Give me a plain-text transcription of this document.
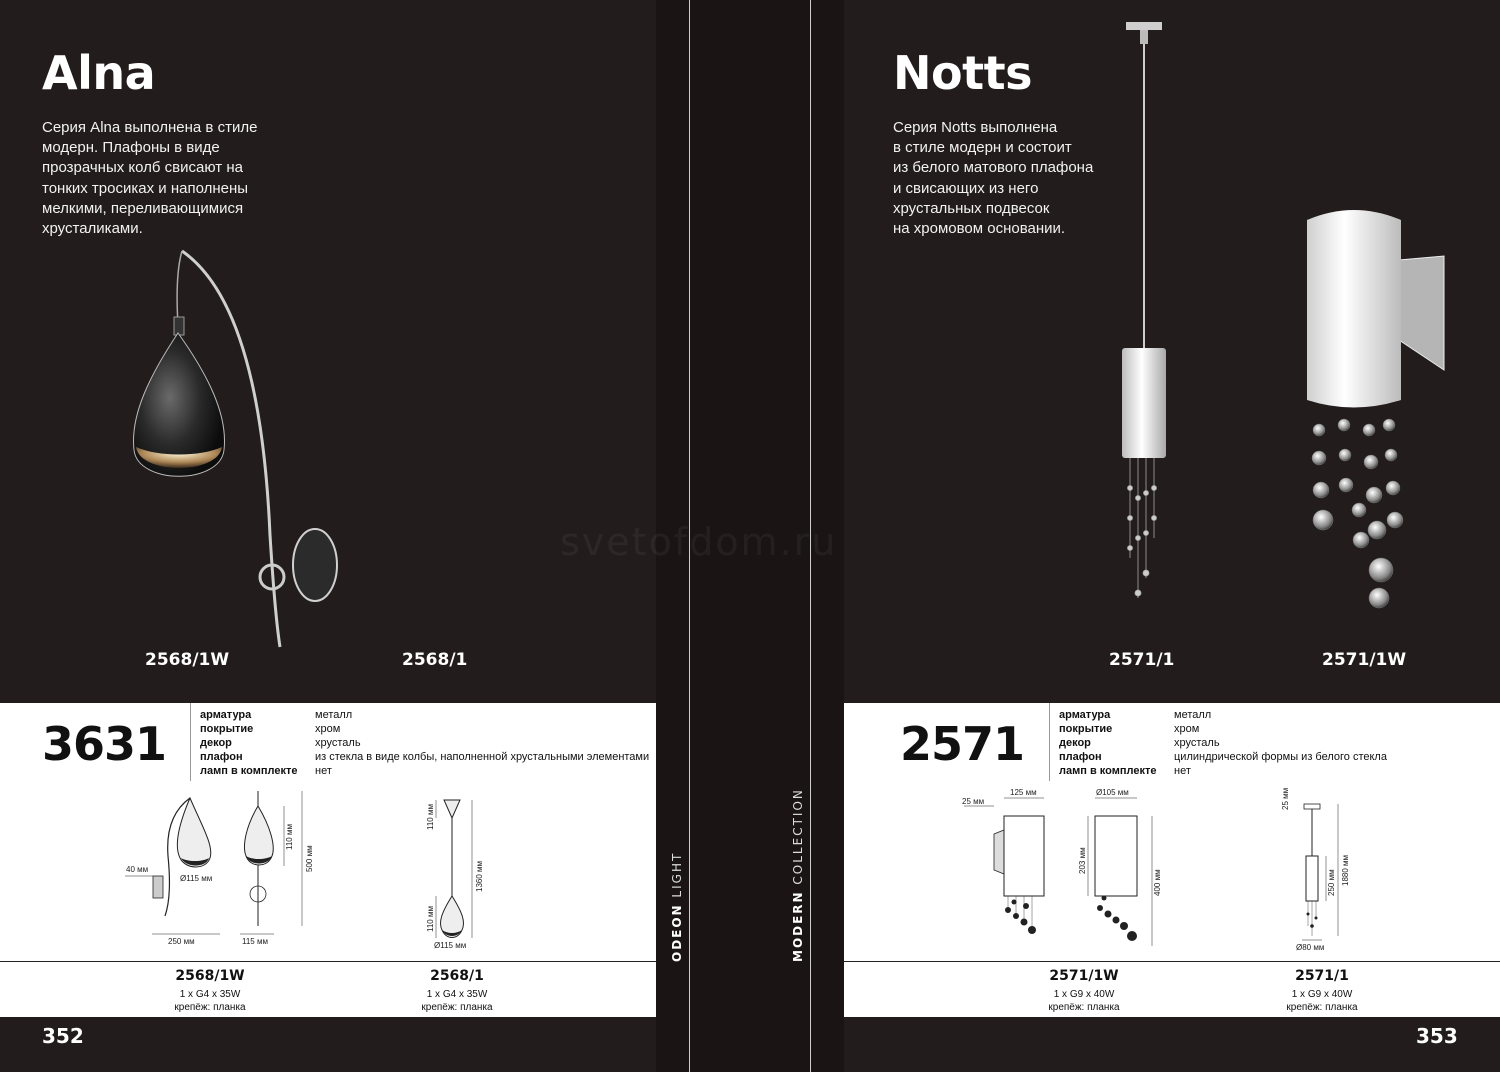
Alna
Серия Alna выполнена в стиле
модерн. Плафоны в виде
прозрачных колб свисают на
тонких тросиках и наполнены
мелкими, переливающимися
хрусталиками.
2568/1W	2568/1
3631
арматура	металл
покрытие	хром
декор	хрусталь
плафон	из стекла в виде колбы, наполненной хрустальными элементами
ламп в комплекте нет
40 мм
Ø115 мм
250 мм	115 мм
110 мм
500 мм
110 мм
1360 мм
110 мм
Ø115 мм
2568/1W
1 x G4 x 35W
крепёж: планка
2568/1
1 x G4 x 35W
крепёж: планка
352
ODEON LIGHT
MODERN COLLECTION
Notts
Серия Notts выполнена
в стиле модерн и состоит
из белого матового плафона
и свисающих из него
хрустальных подвесок
на хромовом основании.
2571/1	2571/1W
2571
арматура	металл
покрытие	хром
декор	хрусталь
плафон	цилиндрической формы из белого стекла
ламп в комплекте нет
25 мм
125 мм	Ø105 мм
203 мм
400 мм
25 мм
250 мм 1880 мм
Ø80 мм
2571/1W
1 x G9 x 40W
крепёж: планка
2571/1
1 x G9 x 40W
крепёж: планка
353
svetofdom.ru
